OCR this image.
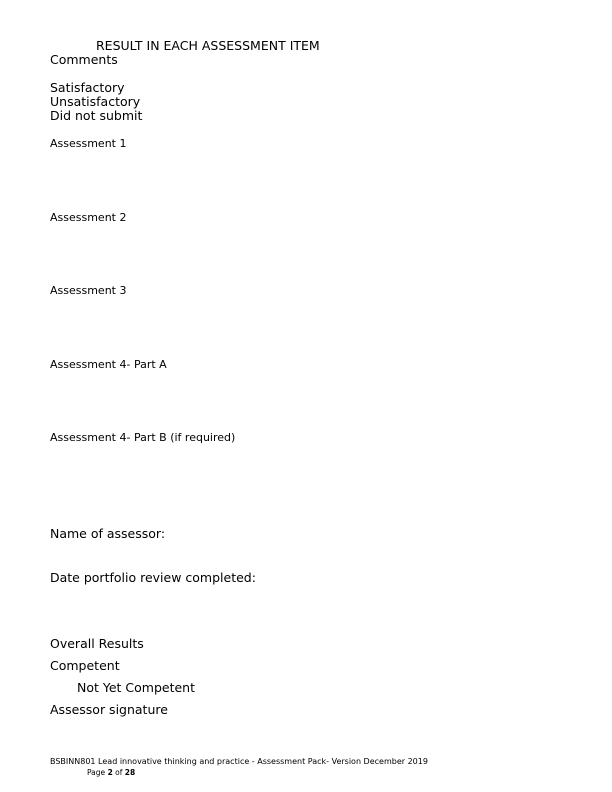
RESULT IN EACH ASSESSMENT ITEM
Comments
Satisfactory
Unsatisfactory
Did not submit
Assessment 1
Assessment 2
Assessment 3
Assessment 4- Part A
Assessment 4- Part B (if required)
Name of assessor:
Date portfolio review completed:
Overall Results
Competent
Not Yet Competent
Assessor signature
BSBINN801 Lead innovative thinking and practice - Assessment Pack- Version December 2019
Page 2 of 28
